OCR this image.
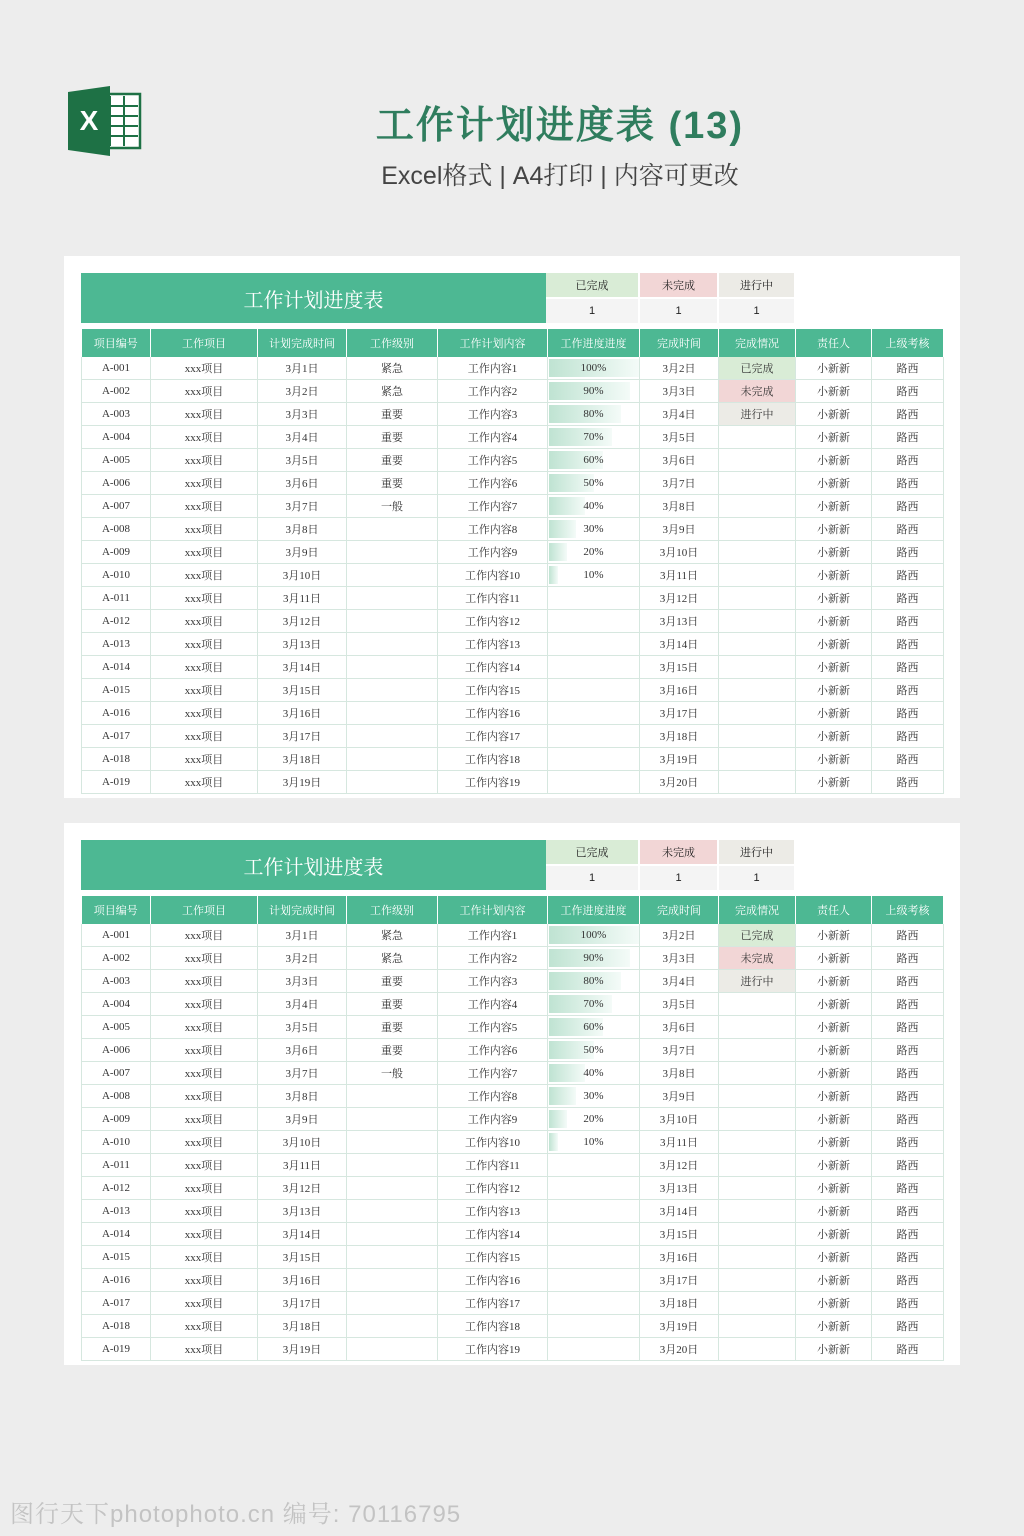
X	工作计划进度表 (13)
Excel格式 | A4打印 | 内容可更改
工作计划进度表
已完成	未完成	进行中
1	1	1
项目编号	工作项目	计划完成时间	工作级别	工作计划内容	工作进度进度	完成时间	完成情况	责任人	上级考核
A-001	xxx项目	3月1日	紧急	工作内容1	100%	3月2日	已完成	小新新	路西
A-002	xxx项目	3月2日	紧急	工作内容2	90%	3月3日	未完成	小新新	路西
A-003	xxx项目	3月3日	重要	工作内容3	80%	3月4日	进行中	小新新	路西
A-004	xxx项目	3月4日	重要	工作内容4	70%	3月5日		小新新	路西
A-005	xxx项目	3月5日	重要	工作内容5	60%	3月6日		小新新	路西
A-006	xxx项目	3月6日	重要	工作内容6	50%	3月7日		小新新	路西
A-007	xxx项目	3月7日	一般	工作内容7	40%	3月8日		小新新	路西
A-008	xxx项目	3月8日		工作内容8	30%	3月9日		小新新	路西
A-009	xxx项目	3月9日		工作内容9	20%	3月10日		小新新	路西
A-010	xxx项目	3月10日		工作内容10	10%	3月11日		小新新	路西
A-011	xxx项目	3月11日		工作内容11		3月12日		小新新	路西
A-012	xxx项目	3月12日		工作内容12		3月13日		小新新	路西
A-013	xxx项目	3月13日		工作内容13		3月14日		小新新	路西
A-014	xxx项目	3月14日		工作内容14		3月15日		小新新	路西
A-015	xxx项目	3月15日		工作内容15		3月16日		小新新	路西
A-016	xxx项目	3月16日		工作内容16		3月17日		小新新	路西
A-017	xxx项目	3月17日		工作内容17		3月18日		小新新	路西
A-018	xxx项目	3月18日		工作内容18		3月19日		小新新	路西
A-019	xxx项目	3月19日		工作内容19		3月20日		小新新	路西
工作计划进度表
已完成	未完成	进行中
1	1	1
项目编号	工作项目	计划完成时间	工作级别	工作计划内容	工作进度进度	完成时间	完成情况	责任人	上级考核
A-001	xxx项目	3月1日	紧急	工作内容1	100%	3月2日	已完成	小新新	路西
A-002	xxx项目	3月2日	紧急	工作内容2	90%	3月3日	未完成	小新新	路西
A-003	xxx项目	3月3日	重要	工作内容3	80%	3月4日	进行中	小新新	路西
A-004	xxx项目	3月4日	重要	工作内容4	70%	3月5日		小新新	路西
A-005	xxx项目	3月5日	重要	工作内容5	60%	3月6日		小新新	路西
A-006	xxx项目	3月6日	重要	工作内容6	50%	3月7日		小新新	路西
A-007	xxx项目	3月7日	一般	工作内容7	40%	3月8日		小新新	路西
A-008	xxx项目	3月8日		工作内容8	30%	3月9日		小新新	路西
A-009	xxx项目	3月9日		工作内容9	20%	3月10日		小新新	路西
A-010	xxx项目	3月10日		工作内容10	10%	3月11日		小新新	路西
A-011	xxx项目	3月11日		工作内容11		3月12日		小新新	路西
A-012	xxx项目	3月12日		工作内容12		3月13日		小新新	路西
A-013	xxx项目	3月13日		工作内容13		3月14日		小新新	路西
A-014	xxx项目	3月14日		工作内容14		3月15日		小新新	路西
A-015	xxx项目	3月15日		工作内容15		3月16日		小新新	路西
A-016	xxx项目	3月16日		工作内容16		3月17日		小新新	路西
A-017	xxx项目	3月17日		工作内容17		3月18日		小新新	路西
A-018	xxx项目	3月18日		工作内容18		3月19日		小新新	路西
A-019	xxx项目	3月19日		工作内容19		3月20日		小新新	路西
图行天下photophoto.cn 编号: 70116795
